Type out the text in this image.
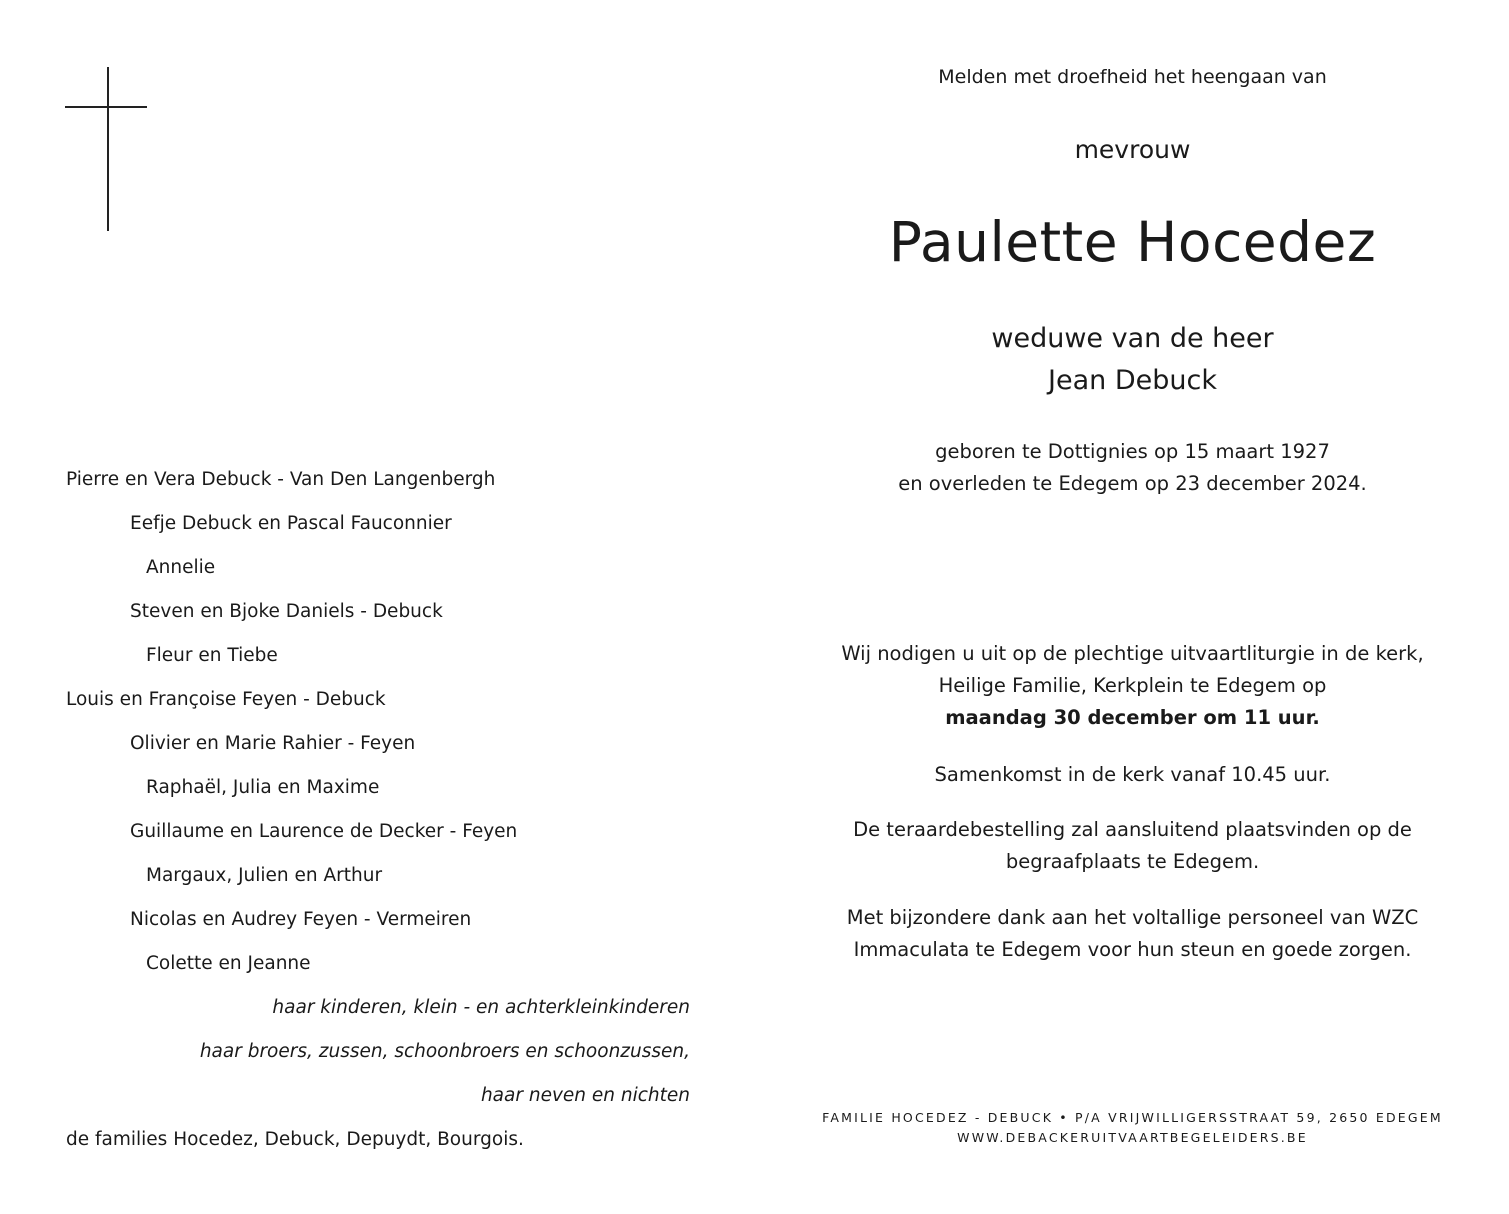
Pierre en Vera Debuck - Van Den Langenbergh
Eefje Debuck en Pascal Fauconnier
Annelie
Steven en Bjoke Daniels - Debuck
Fleur en Tiebe
Louis en Françoise Feyen - Debuck
Olivier en Marie Rahier - Feyen
Raphaël, Julia en Maxime
Guillaume en Laurence de Decker - Feyen
Margaux, Julien en Arthur
Nicolas en Audrey Feyen - Vermeiren
Colette en Jeanne
haar kinderen, klein - en achterkleinkinderen
haar broers, zussen, schoonbroers en schoonzussen,
haar neven en nichten
de families Hocedez, Debuck, Depuydt, Bourgois.
Melden met droefheid het heengaan van
mevrouw
Paulette Hocedez
weduwe van de heer
Jean Debuck
geboren te Dottignies op 15 maart 1927
en overleden te Edegem op 23 december 2024.
Wij nodigen u uit op de plechtige uitvaartliturgie in de kerk,
Heilige Familie, Kerkplein te Edegem op
maandag 30 december om 11 uur.
Samenkomst in de kerk vanaf 10.45 uur.
De teraardebestelling zal aansluitend plaatsvinden op de
begraafplaats te Edegem.
Met bijzondere dank aan het voltallige personeel van WZC
Immaculata te Edegem voor hun steun en goede zorgen.
FAMILIE HOCEDEZ - DEBUCK • P/A VRIJWILLIGERSSTRAAT 59, 2650 EDEGEM
WWW.DEBACKERUITVAARTBEGELEIDERS.BE
